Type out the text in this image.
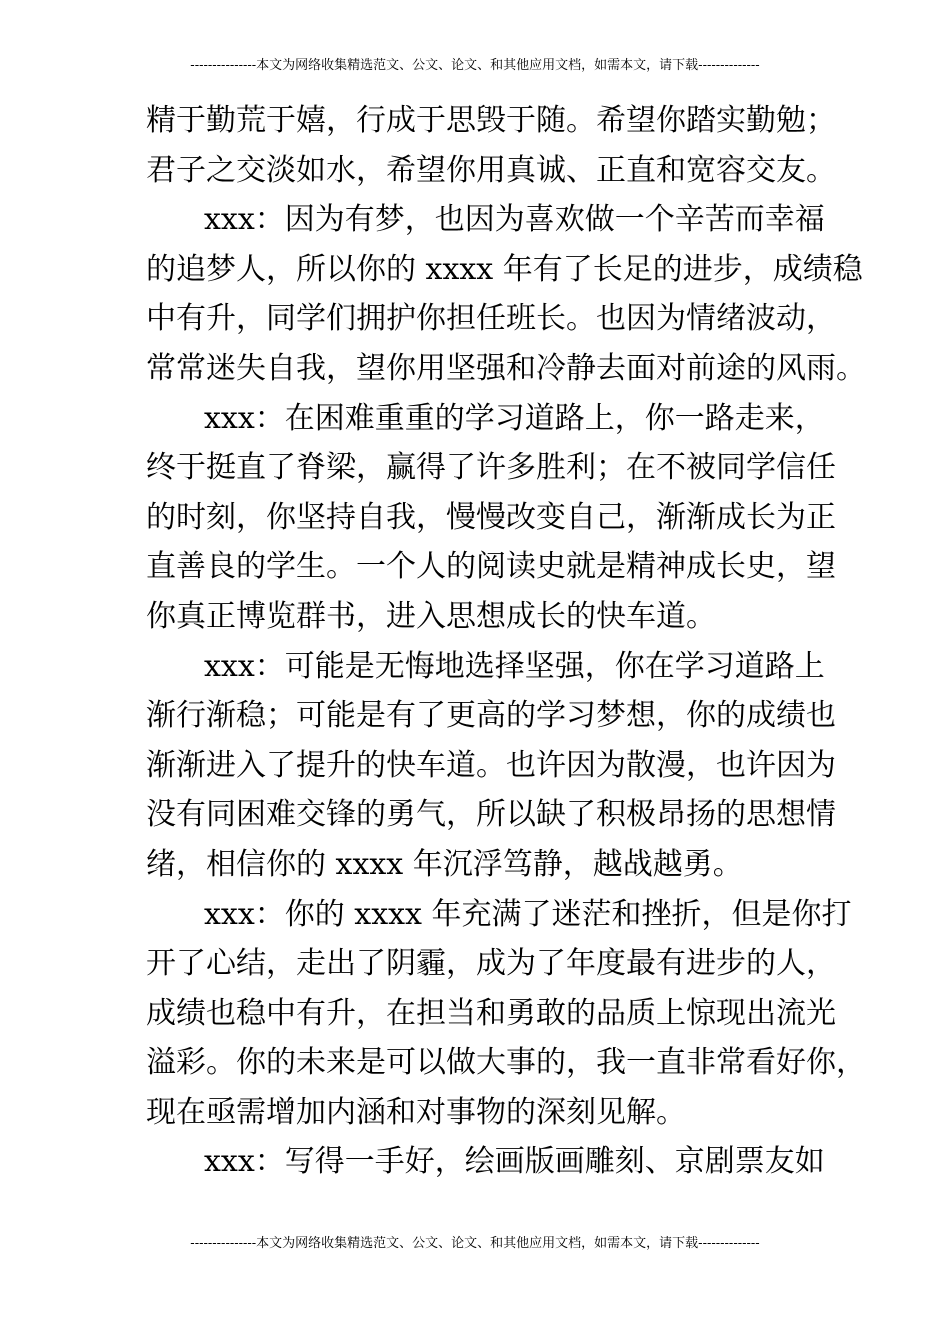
---------------本文为网络收集精选范文、公文、论文、和其他应用文档，如需本文，请下载--------------
精于勤荒于嬉，行成于思毁于随。希望你踏实勤勉；
君子之交淡如水，希望你用真诚、正直和宽容交友。
xxx：因为有梦，也因为喜欢做一个辛苦而幸福
的追梦人，所以你的 xxxx 年有了长足的进步，成绩稳
中有升，同学们拥护你担任班长。也因为情绪波动，
常常迷失自我，望你用坚强和冷静去面对前途的风雨。
xxx：在困难重重的学习道路上，你一路走来，
终于挺直了脊梁，赢得了许多胜利；在不被同学信任
的时刻，你坚持自我，慢慢改变自己，渐渐成长为正
直善良的学生。一个人的阅读史就是精神成长史，望
你真正博览群书，进入思想成长的快车道。
xxx：可能是无悔地选择坚强，你在学习道路上
渐行渐稳；可能是有了更高的学习梦想，你的成绩也
渐渐进入了提升的快车道。也许因为散漫，也许因为
没有同困难交锋的勇气，所以缺了积极昂扬的思想情
绪，相信你的 xxxx 年沉浮笃静，越战越勇。
xxx：你的 xxxx 年充满了迷茫和挫折，但是你打
开了心结，走出了阴霾，成为了年度最有进步的人，
成绩也稳中有升，在担当和勇敢的品质上惊现出流光
溢彩。你的未来是可以做大事的，我一直非常看好你，
现在亟需增加内涵和对事物的深刻见解。
xxx：写得一手好，绘画版画雕刻、京剧票友如
---------------本文为网络收集精选范文、公文、论文、和其他应用文档，如需本文，请下载--------------
